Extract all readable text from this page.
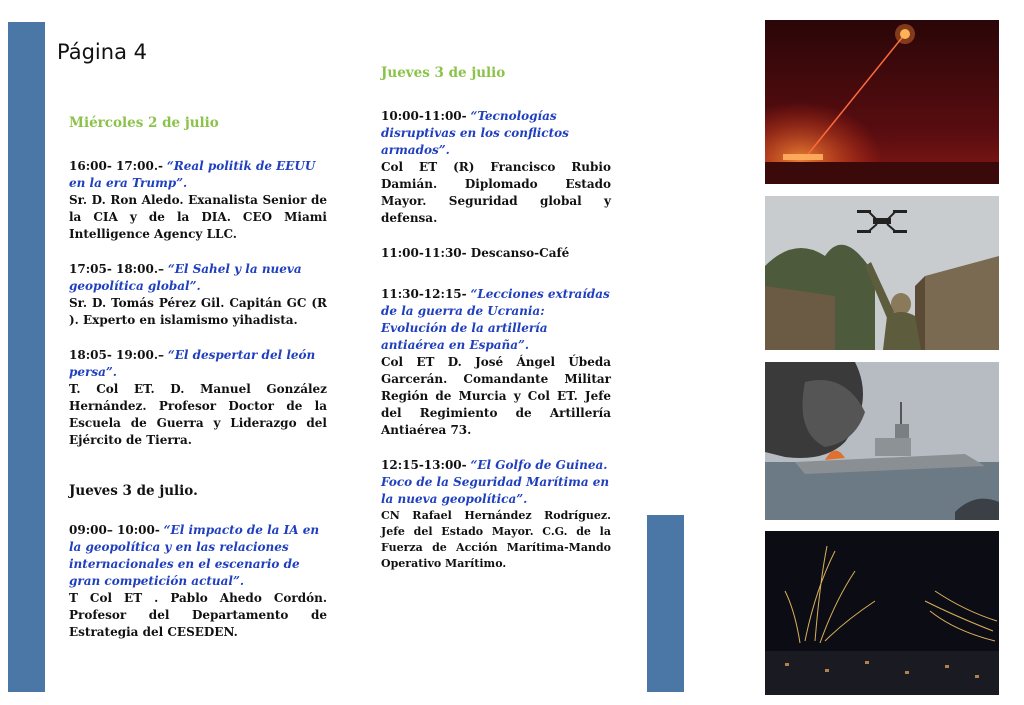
Página 4
Miércoles 2 de julio
16:00- 17:00.- “Real politik de EEUU en la era Trump”.
Sr. D. Ron Aledo. Exanalista Senior de la CIA y de la DIA. CEO Miami Intelligence Agency LLC.
17:05- 18:00.– “El Sahel y la nueva geopolítica global”.
Sr. D. Tomás Pérez Gil. Capitán GC (R ). Experto en islamismo yihadista.
18:05- 19:00.– “El despertar del león persa”.
T. Col ET. D. Manuel González Hernández. Profesor Doctor de la Escuela de Guerra y Liderazgo del Ejército de Tierra.
Jueves 3 de julio.
09:00– 10:00- “El impacto de la IA en la geopolítica y en las relaciones internacionales en el escenario de gran competición actual”.
T Col ET . Pablo Ahedo Cordón. Profesor del Departamento de Estrategia del CESEDEN.
Jueves 3 de julio
10:00-11:00- “Tecnologías disruptivas en los conflictos armados”.
Col ET (R) Francisco Rubio Damián. Diplomado Estado Mayor. Seguridad global y defensa.
11:00-11:30- Descanso-Café
11:30-12:15- “Lecciones extraídas de la guerra de Ucrania: Evolución de la artillería antiaérea en España”.
Col ET D. José Ángel Úbeda Garcerán. Comandante Militar Región de Murcia y Col ET. Jefe del Regimiento de Artillería Antiaérea 73.
12:15-13:00- “El Golfo de Guinea. Foco de la Seguridad Marítima en la nueva geopolítica”.
CN Rafael Hernández Rodríguez. Jefe del Estado Mayor. C.G. de la Fuerza de Acción Marítima-Mando Operativo Marítimo.
